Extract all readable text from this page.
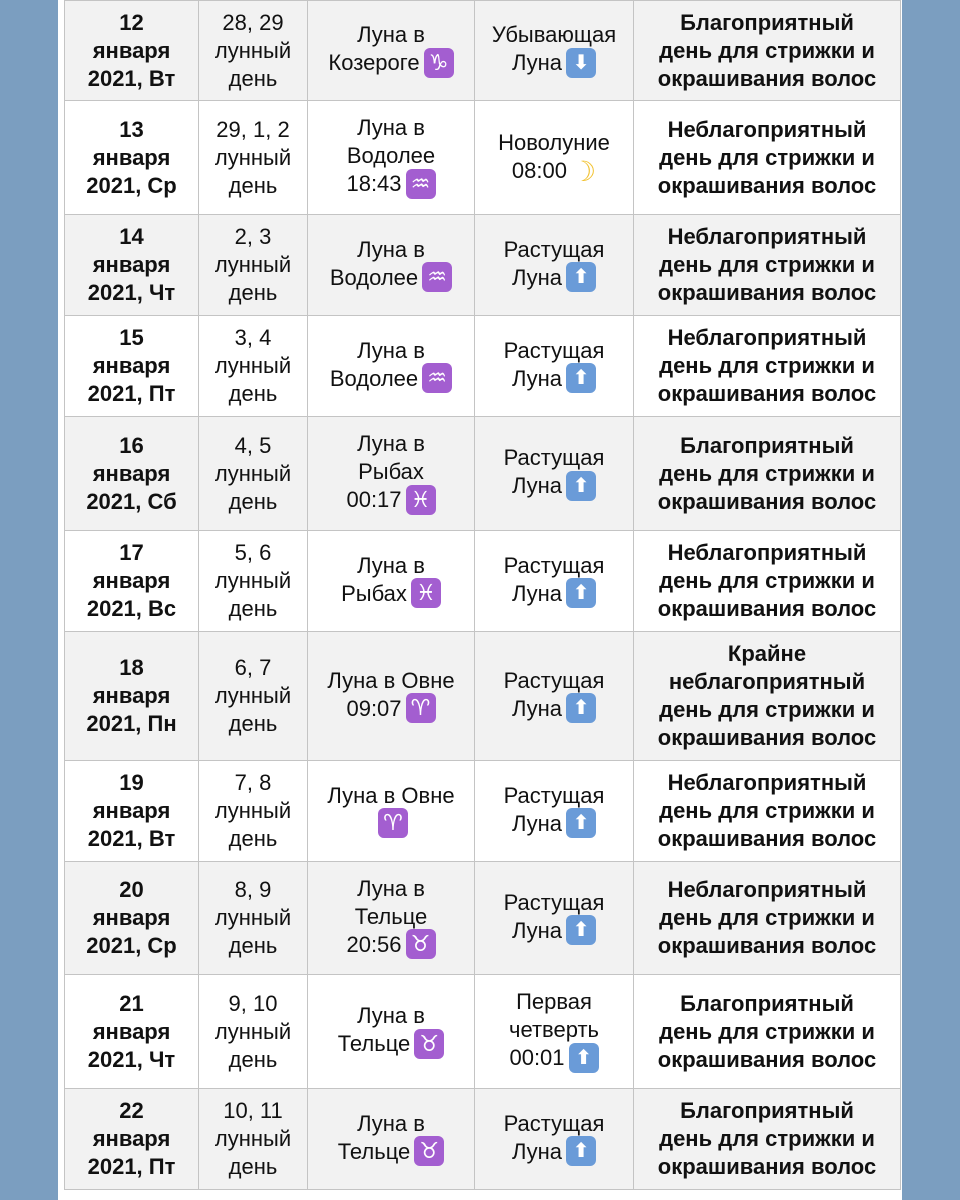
12
января
2021, Вт	28, 29
лунный
день	Луна в
Козероге ♑	Убывающая
Луна ⬇	Благоприятный
день для стрижки и
окрашивания волос

13
января
2021, Ср	29, 1, 2
лунный
день	Луна в
Водолее
18:43 ♒	Новолуние
08:00 ☽	Неблагоприятный
день для стрижки и
окрашивания волос

14
января
2021, Чт	2, 3
лунный
день	Луна в
Водолее ♒	Растущая
Луна ⬆	Неблагоприятный
день для стрижки и
окрашивания волос

15
января
2021, Пт	3, 4
лунный
день	Луна в
Водолее ♒	Растущая
Луна ⬆	Неблагоприятный
день для стрижки и
окрашивания волос

16
января
2021, Сб	4, 5
лунный
день	Луна в
Рыбах
00:17 ♓	Растущая
Луна ⬆	Благоприятный
день для стрижки и
окрашивания волос

17
января
2021, Вс	5, 6
лунный
день	Луна в
Рыбах ♓	Растущая
Луна ⬆	Неблагоприятный
день для стрижки и
окрашивания волос

18
января
2021, Пн	6, 7
лунный
день	Луна в Овне
09:07 ♈	Растущая
Луна ⬆	Крайне
неблагоприятный
день для стрижки и
окрашивания волос

19
января
2021, Вт	7, 8
лунный
день	Луна в Овне
♈	Растущая
Луна ⬆	Неблагоприятный
день для стрижки и
окрашивания волос

20
января
2021, Ср	8, 9
лунный
день	Луна в
Тельце
20:56 ♉	Растущая
Луна ⬆	Неблагоприятный
день для стрижки и
окрашивания волос

21
января
2021, Чт	9, 10
лунный
день	Луна в
Тельце ♉	Первая
четверть
00:01 ⬆	Благоприятный
день для стрижки и
окрашивания волос

22
января
2021, Пт	10, 11
лунный
день	Луна в
Тельце ♉	Растущая
Луна ⬆	Благоприятный
день для стрижки и
окрашивания волос
